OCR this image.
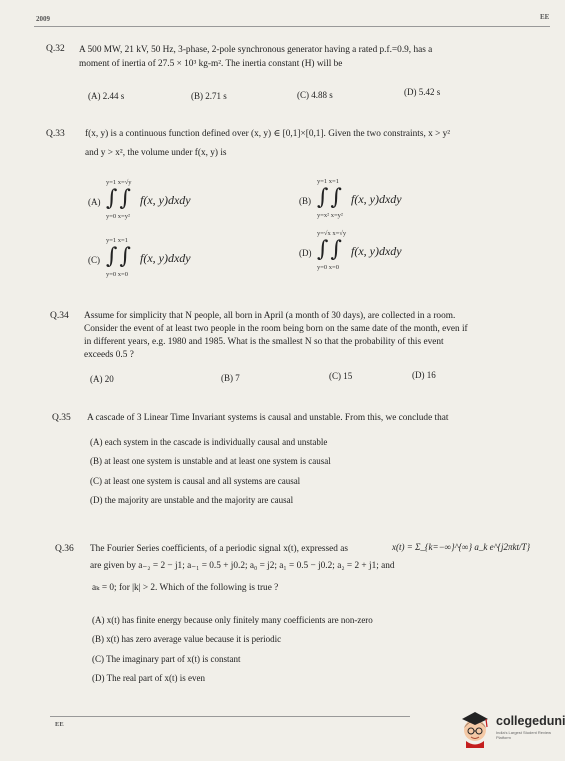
2009	EE
Q.32 A 500 MW, 21 kV, 50 Hz, 3-phase, 2-pole synchronous generator having a rated p.f.=0.9, has a
moment of inertia of 27.5 × 10³ kg-m². The inertia constant (H) will be
(A) 2.44 s	(B) 2.71 s	(C) 4.88 s	(D) 5.42 s
Q.33 f(x, y) is a continuous function defined over (x, y) ∈ [0,1]×[0,1]. Given the two constraints, x > y²
and y > x², the volume under f(x, y) is
(A)
y=1 x=√y
∫∫ f(x, y)dxdy
y=0 x=y²
(B)
y=1 x=1
∫∫ f(x, y)dxdy
y=x² x=y²
(C)
y=1 x=1
∫∫ f(x, y)dxdy
y=0 x=0
(D)
y=√x x=√y
∫∫ f(x, y)dxdy
y=0 x=0
Q.34 Assume for simplicity that N people, all born in April (a month of 30 days), are collected in a room.
Consider the event of at least two people in the room being born on the same date of the month, even if
in different years, e.g. 1980 and 1985. What is the smallest N so that the probability of this event
exceeds 0.5 ?
(A) 20	(B) 7	(C) 15	(D) 16
Q.35 A cascade of 3 Linear Time Invariant systems is causal and unstable. From this, we conclude that
(A) each system in the cascade is individually causal and unstable
(B) at least one system is unstable and at least one system is causal
(C) at least one system is causal and all systems are causal
(D) the majority are unstable and the majority are causal
Q.36 The Fourier Series coefficients, of a periodic signal x(t), expressed as	x(t) = Σ_{k=−∞}^{∞} a_k e^{j2πkt/T}
are given by a₋₂ = 2 − j1; a₋₁ = 0.5 + j0.2; a₀ = j2; a₁ = 0.5 − j0.2; a₂ = 2 + j1; and
aₖ = 0; for |k| > 2. Which of the following is true ?
(A) x(t) has finite energy because only finitely many coefficients are non-zero
(B) x(t) has zero average value because it is periodic
(C) The imaginary part of x(t) is constant
(D) The real part of x(t) is even
EE	collegeduni
India's Largest Student Review Platform
